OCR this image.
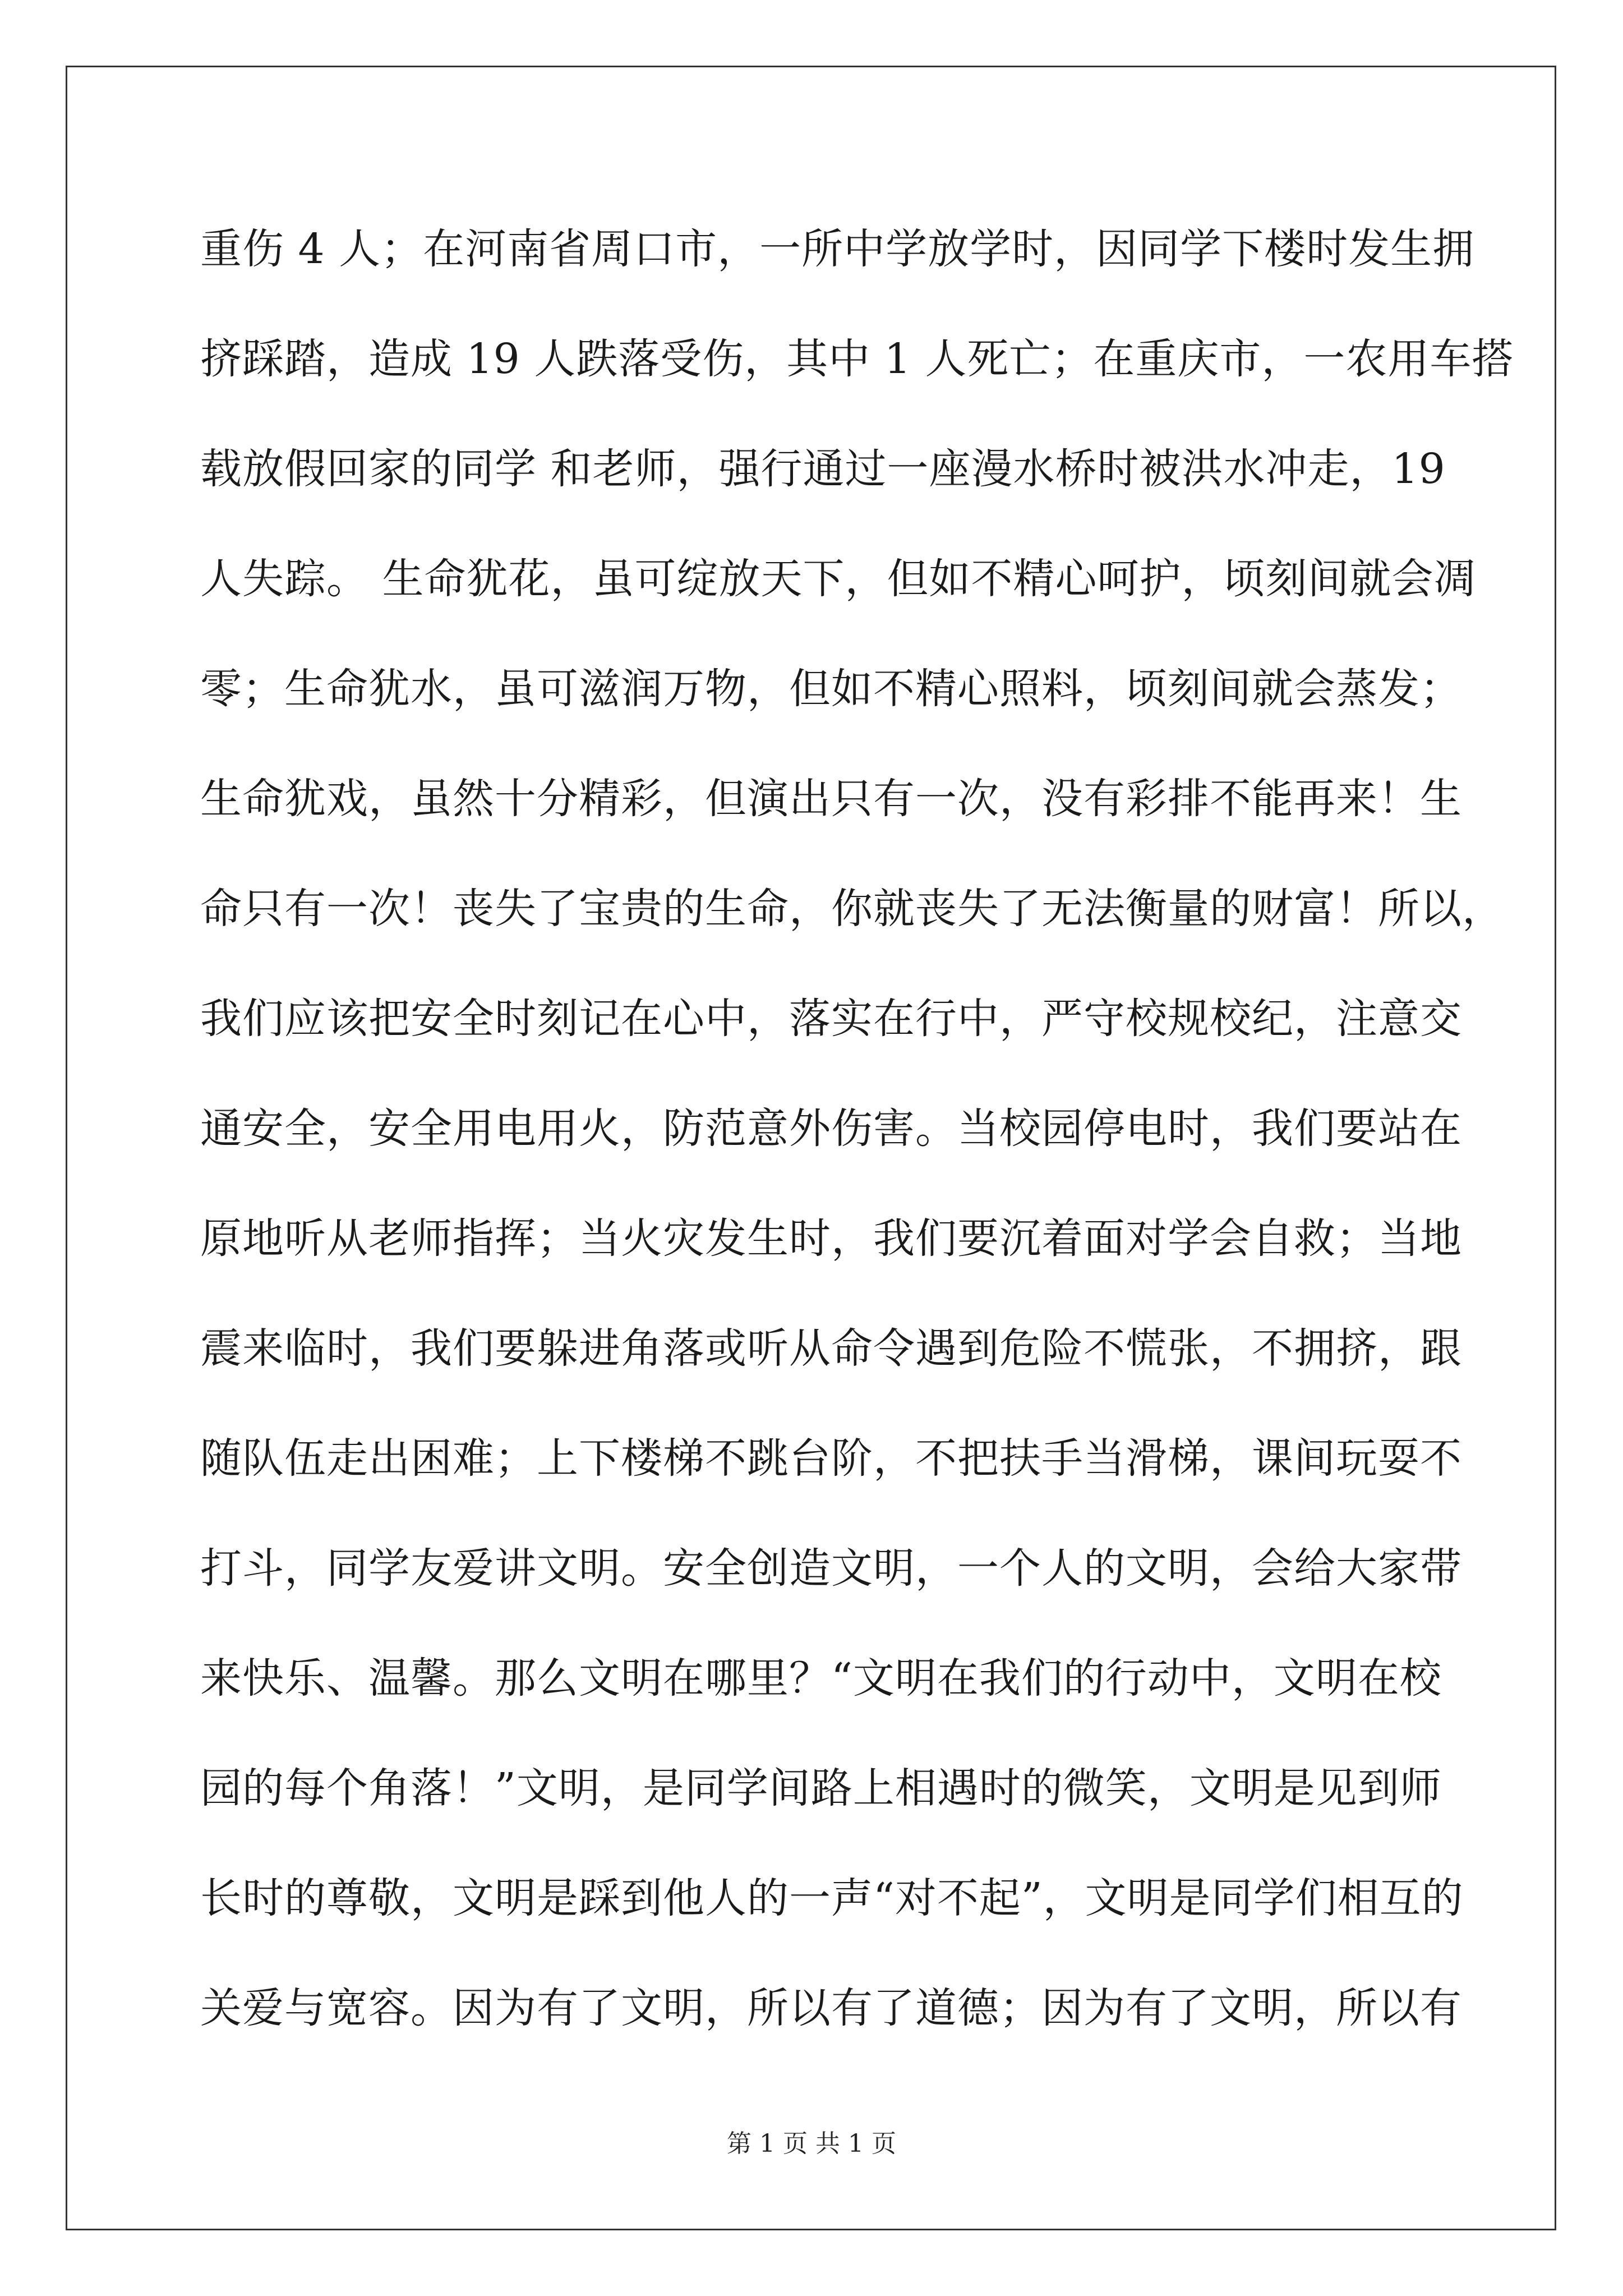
重伤 4 人；在河南省周口市，一所中学放学时，因同学下楼时发生拥
挤踩踏，造成 19 人跌落受伤，其中 1 人死亡；在重庆市，一农用车搭
载放假回家的同学 和老师，强行通过一座漫水桥时被洪水冲走，19
人失踪。 生命犹花，虽可绽放天下，但如不精心呵护，顷刻间就会凋
零；生命犹水，虽可滋润万物，但如不精心照料，顷刻间就会蒸发；
生命犹戏，虽然十分精彩，但演出只有一次，没有彩排不能再来！生
命只有一次！丧失了宝贵的生命，你就丧失了无法衡量的财富！所以，
我们应该把安全时刻记在心中，落实在行中，严守校规校纪，注意交
通安全，安全用电用火，防范意外伤害。当校园停电时，我们要站在
原地听从老师指挥；当火灾发生时，我们要沉着面对学会自救；当地
震来临时，我们要躲进角落或听从命令遇到危险不慌张，不拥挤，跟
随队伍走出困难；上下楼梯不跳台阶，不把扶手当滑梯，课间玩耍不
打斗，同学友爱讲文明。安全创造文明，一个人的文明，会给大家带
来快乐、温馨。那么文明在哪里？“文明在我们的行动中，文明在校
园的每个角落！”文明，是同学间路上相遇时的微笑，文明是见到师
长时的尊敬，文明是踩到他人的一声“对不起”，文明是同学们相互的
关爱与宽容。因为有了文明，所以有了道德；因为有了文明，所以有
第 1 页 共 1 页
